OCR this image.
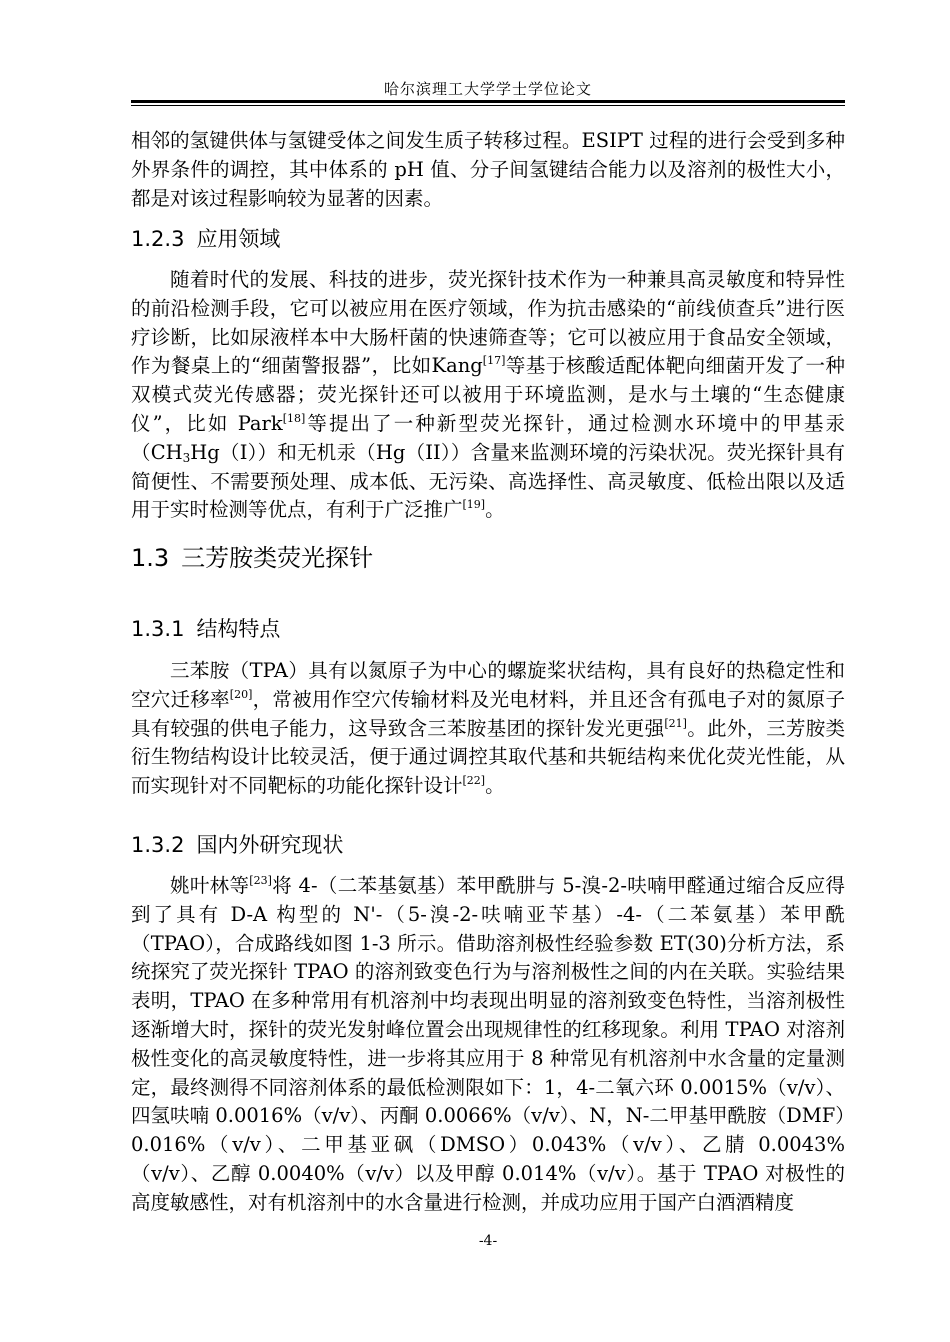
哈尔滨理工大学学士学位论文

相邻的氢键供体与氢键受体之间发生质子转移过程。ESIPT 过程的进行会受到多种外界条件的调控，其中体系的 pH 值、分子间氢键结合能力以及溶剂的极性大小，都是对该过程影响较为显著的因素。

1.2.3 应用领域

随着时代的发展、科技的进步，荧光探针技术作为一种兼具高灵敏度和特异性的前沿检测手段，它可以被应用在医疗领域，作为抗击感染的“前线侦查兵”进行医疗诊断，比如尿液样本中大肠杆菌的快速筛查等；它可以被应用于食品安全领域，作为餐桌上的“细菌警报器”，比如Kang[17]等基于核酸适配体靶向细菌开发了一种双模式荧光传感器；荧光探针还可以被用于环境监测，是水与土壤的“生态健康仪”，比如 Park[18]等提出了一种新型荧光探针，通过检测水环境中的甲基汞$(CH_3Hg(I))$和无机汞（Hg（II））含量来监测环境的污染状况。荧光探针具有简便性、不需要预处理、成本低、无污染、高选择性、高灵敏度、低检出限以及适用于实时检测等优点，有利于广泛推广[19]。

1.3 三芳胺类荧光探针
1.3.1 结构特点

三苯胺（TPA）具有以氮原子为中心的螺旋桨状结构，具有良好的热稳定性和空穴迁移率[20]，常被用作空穴传输材料及光电材料，并且还含有孤电子对的氮原子具有较强的供电子能力，这导致含三苯胺基团的探针发光更强[21]。此外，三芳胺类衍生物结构设计比较灵活，便于通过调控其取代基和共轭结构来优化荧光性能，从而实现针对不同靶标的功能化探针设计[22]。

1.3.2 国内外研究现状

姚叶林等[23]将 4-（二苯基氨基）苯甲酰肼与 5-溴-2-呋喃甲醛通过缩合反应得到了具有 D-A 构型的 N'-（5-溴-2-呋喃亚苄基）-4-（二苯氨基）苯甲酰（TPAO），合成路线如图 1-3 所示。借助溶剂极性经验参数 ET(30)分析方法，系统探究了荧光探针 TPAO 的溶剂致变色行为与溶剂极性之间的内在关联。实验结果表明，TPAO 在多种常用有机溶剂中均表现出明显的溶剂致变色特性，当溶剂极性逐渐增大时，探针的荧光发射峰位置会出现规律性的红移现象。利用 TPAO 对溶剂极性变化的高灵敏度特性，进一步将其应用于 8 种常见有机溶剂中水含量的定量测定，最终测得不同溶剂体系的最低检测限如下：1，4-二氧六环 0.0015%（v/v）、四氢呋喃 0.0016%（v/v）、丙酮 0.0066%（v/v）、N，N-二甲基甲酰胺（DMF）0.016%（v/v）、二甲基亚砜（DMSO）0.043%（v/v）、乙腈 0.0043%（v/v）、乙醇 0.0040%（v/v）以及甲醇 0.014%（v/v）。基于 TPAO 对极性的高度敏感性，对有机溶剂中的水含量进行检测，并成功应用于国产白酒酒精度

-4-
